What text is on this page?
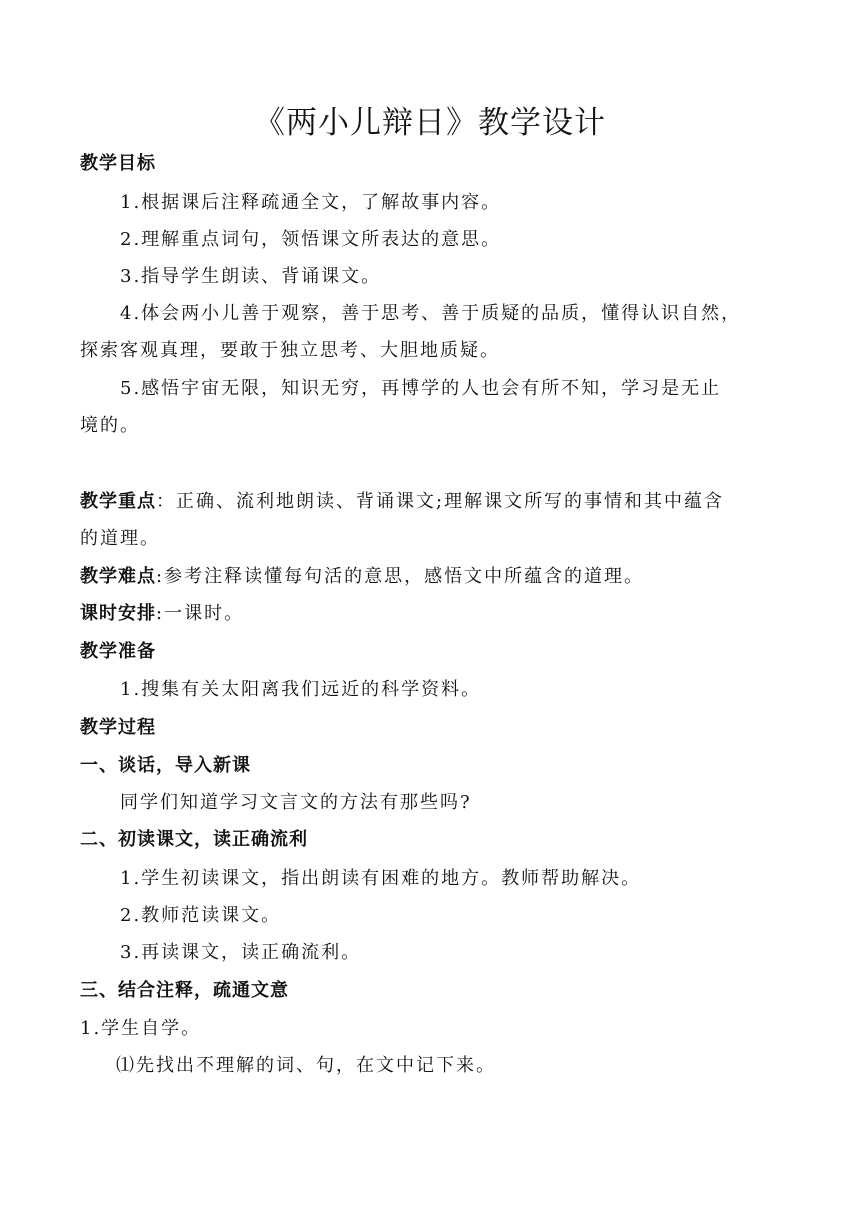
《两小儿辩日》教学设计
教学目标
1.根据课后注释疏通全文，了解故事内容。
2.理解重点词句，领悟课文所表达的意思。
3.指导学生朗读、背诵课文。
4.体会两小儿善于观察，善于思考、善于质疑的品质，懂得认识自然，
探索客观真理，要敢于独立思考、大胆地质疑。
5.感悟宇宙无限，知识无穷，再博学的人也会有所不知，学习是无止
境的。
教学重点：正确、流利地朗读、背诵课文;理解课文所写的事情和其中蕴含
的道理。
教学难点:参考注释读懂每句活的意思，感悟文中所蕴含的道理。
课时安排:一课时。
教学准备
1.搜集有关太阳离我们远近的科学资料。
教学过程
一、谈话，导入新课
同学们知道学习文言文的方法有那些吗?
二、初读课文，读正确流利
1.学生初读课文，指出朗读有困难的地方。教师帮助解决。
2.教师范读课文。
3.再读课文，读正确流利。
三、结合注释，疏通文意
1.学生自学。
⑴先找出不理解的词、句，在文中记下来。
